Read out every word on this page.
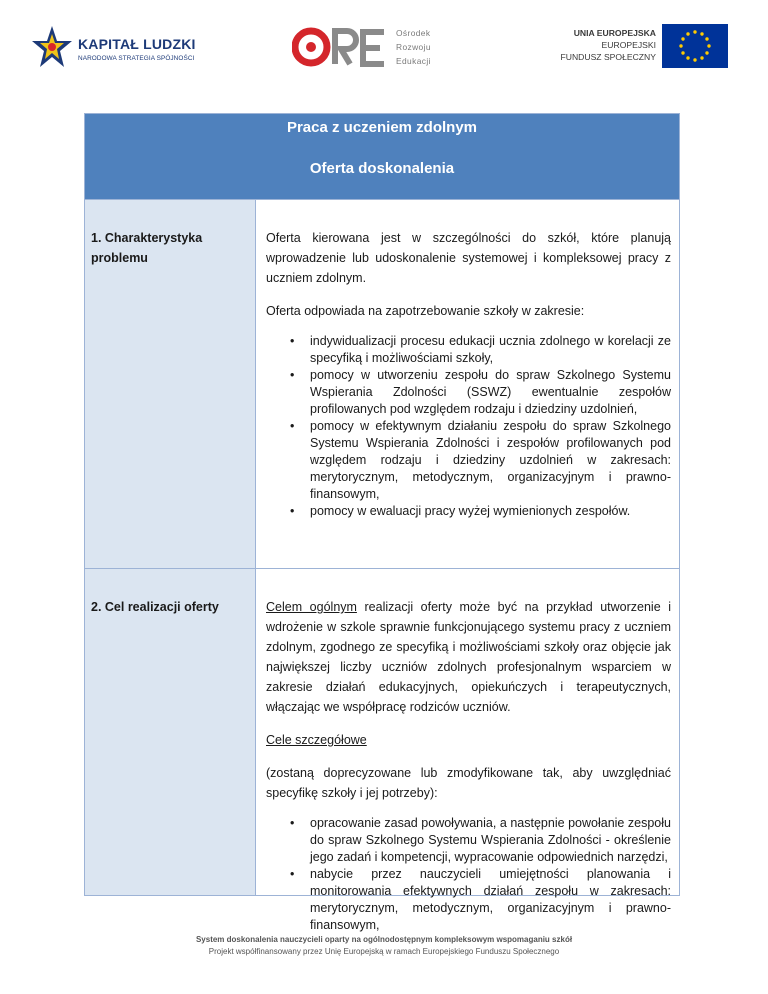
KAPITAŁ LUDZKI
NARODOWA STRATEGIA SPÓJNOŚCI
Ośrodek
Rozwoju
Edukacji
UNIA EUROPEJSKA
EUROPEJSKI
FUNDUSZ SPOŁECZNY
Praca z uczeniem zdolnym
Oferta doskonalenia
1. Charakterystyka problemu

Oferta kierowana jest w szczególności do szkół, które planują wprowadzenie lub udoskonalenie systemowej i kompleksowej pracy z uczniem zdolnym.

Oferta odpowiada na zapotrzebowanie szkoły w zakresie:

• indywidualizacji procesu edukacji ucznia zdolnego w korelacji ze specyfiką i możliwościami szkoły,
• pomocy w utworzeniu zespołu do spraw Szkolnego Systemu Wspierania Zdolności (SSWZ) ewentualnie zespołów profilowanych pod względem rodzaju i dziedziny uzdolnień,
• pomocy w efektywnym działaniu zespołu do spraw Szkolnego Systemu Wspierania Zdolności i zespołów profilowanych pod względem rodzaju i dziedziny uzdolnień w zakresach: merytorycznym, metodycznym, organizacyjnym i prawno-finansowym,
• pomocy w ewaluacji pracy wyżej wymienionych zespołów.
2. Cel realizacji oferty	Celem ogólnym realizacji oferty może być na przykład utworzenie i wdrożenie w szkole sprawnie funkcjonującego systemu pracy z uczniem zdolnym, zgodnego ze specyfiką i możliwościami szkoły oraz objęcie jak największej liczby uczniów zdolnych profesjonalnym wsparciem w zakresie działań edukacyjnych, opiekuńczych i terapeutycznych, włączając we współpracę rodziców uczniów.

Cele szczegółowe

(zostaną doprecyzowane lub zmodyfikowane tak, aby uwzględniać specyfikę szkoły i jej potrzeby):

• opracowanie zasad powoływania, a następnie powołanie zespołu do spraw Szkolnego Systemu Wspierania Zdolności - określenie jego zadań i kompetencji, wypracowanie odpowiednich narzędzi,
• nabycie przez nauczycieli umiejętności planowania i monitorowania efektywnych działań zespołu w zakresach: merytorycznym, metodycznym, organizacyjnym i prawno-finansowym,
System doskonalenia nauczycieli oparty na ogólnodostępnym kompleksowym wspomaganiu szkół
Projekt współfinansowany przez Unię Europejską w ramach Europejskiego Funduszu Społecznego
